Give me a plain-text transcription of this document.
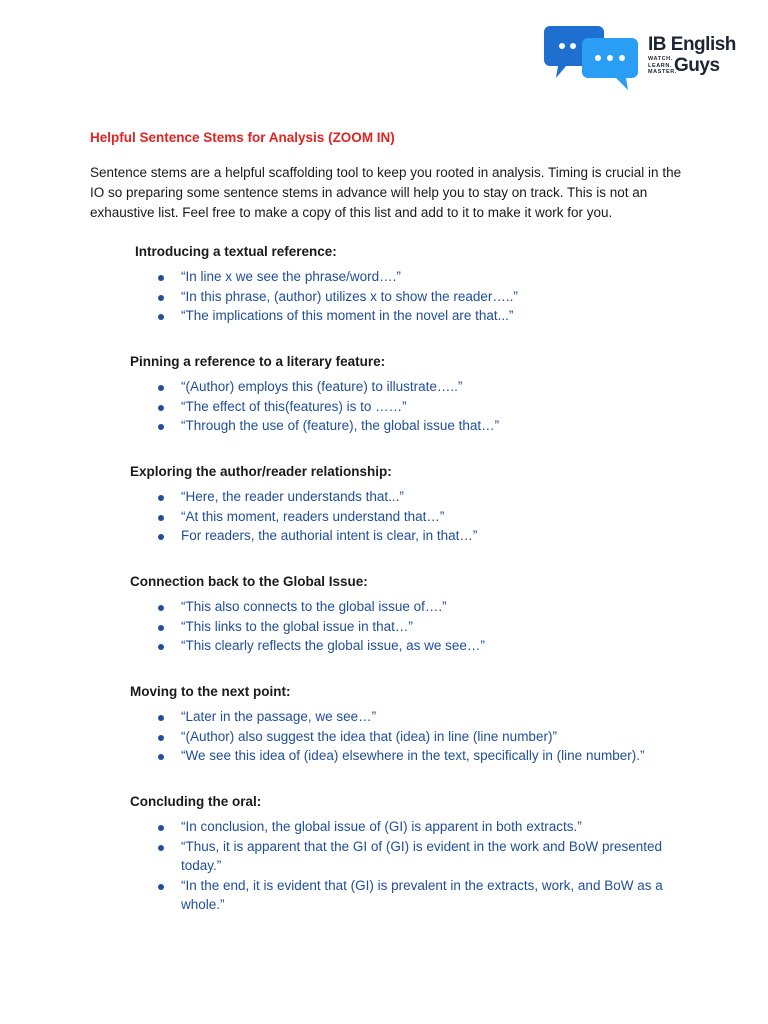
IB English
Guys
WATCH.
LEARN.
MASTER.
Helpful Sentence Stems for Analysis (ZOOM IN)

Sentence stems are a helpful scaffolding tool to keep you rooted in analysis. Timing is crucial in the IO so preparing some sentence stems in advance will help you to stay on track. This is not an exhaustive list. Feel free to make a copy of this list and add to it to make it work for you.

Introducing a textual reference:
“In line x we see the phrase/word….”
“In this phrase, (author) utilizes x to show the reader…..”
“The implications of this moment in the novel are that...”
Pinning a reference to a literary feature:
“(Author) employs this (feature) to illustrate…..”
“The effect of this(features) is to ……”
“Through the use of (feature), the global issue that…”
Exploring the author/reader relationship:
“Here, the reader understands that...”
“At this moment, readers understand that…”
For readers, the authorial intent is clear, in that…”
Connection back to the Global Issue:
“This also connects to the global issue of….”
“This links to the global issue in that…”
“This clearly reflects the global issue, as we see…”
Moving to the next point:
“Later in the passage, we see…”
“(Author) also suggest the idea that (idea) in line (line number)”
“We see this idea of (idea) elsewhere in the text, specifically in (line number).”
Concluding the oral:
“In conclusion, the global issue of (GI) is apparent in both extracts.”
“Thus, it is apparent that the GI of (GI) is evident in the work and BoW presented today.”
“In the end, it is evident that (GI) is prevalent in the extracts, work, and BoW as a whole.”
